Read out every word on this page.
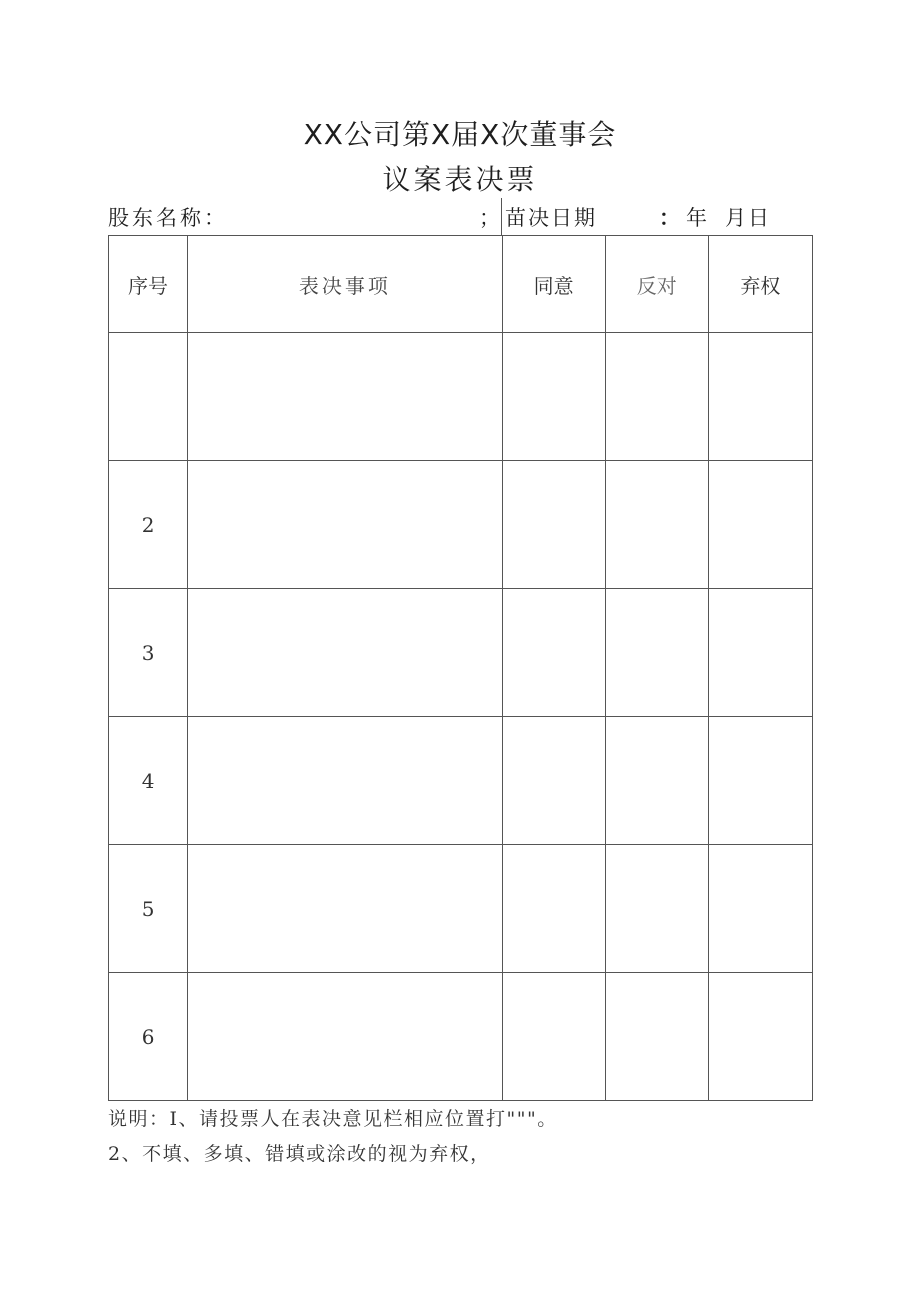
XX公司第X届X次董事会
议案表决票
股东名称：	； 苗决日期	： 年 月日
序号	表决事项	同意	反对	弃权

2				
3				
4				
5				
6				
说明：I、请投票人在表决意见栏相应位置打"""。
2、不填、多填、错填或涂改的视为弃权，
